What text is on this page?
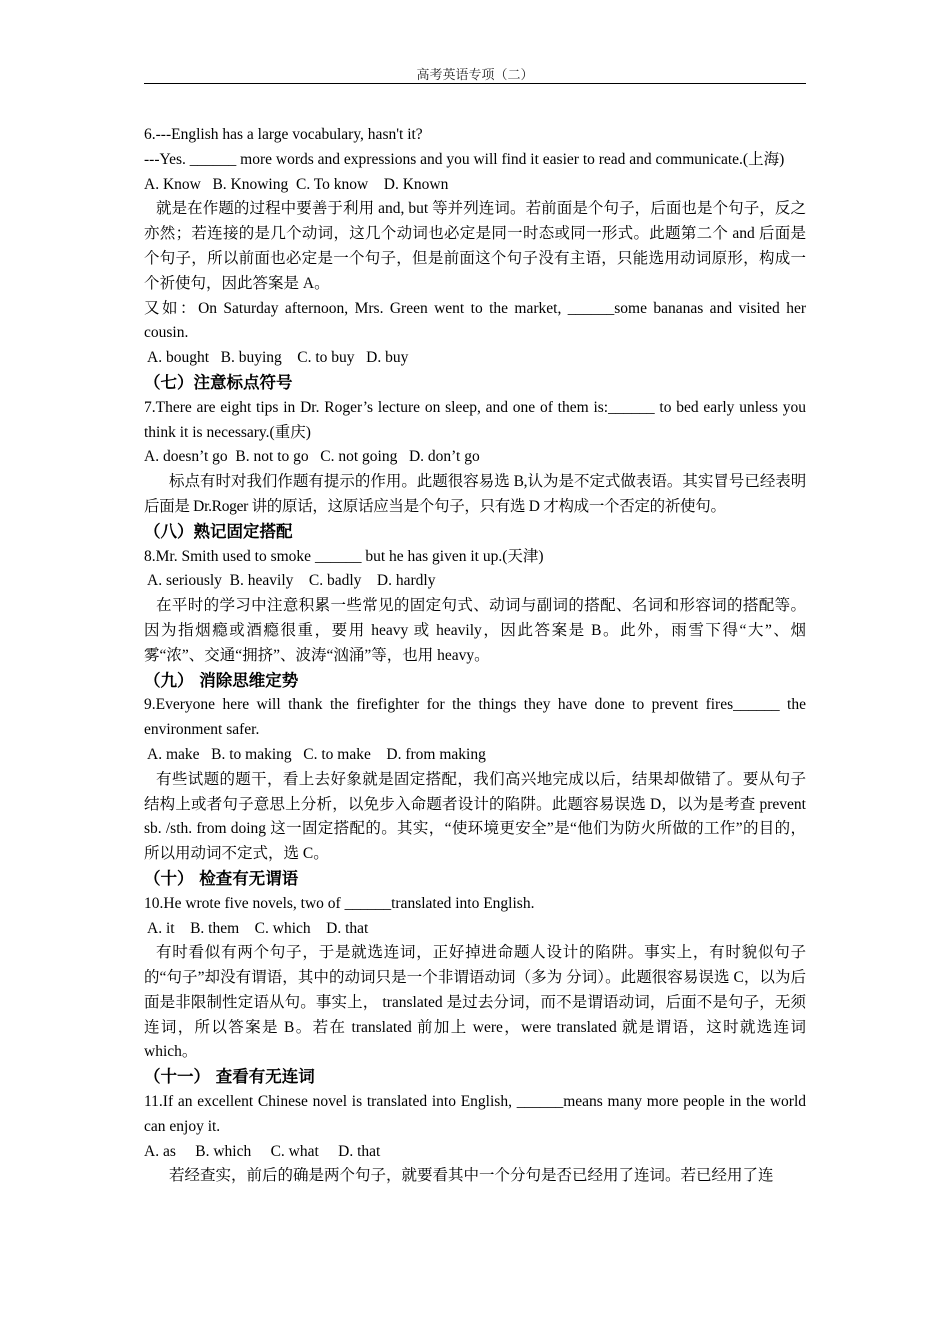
高考英语专项（二）

6.---English has a large vocabulary, hasn't it?

---Yes. ______ more words and expressions and you will find it easier to read and communicate.(上海)

A. Know   B. Knowing  C. To know    D. Known

就是在作题的过程中要善于利用 and, but 等并列连词。若前面是个句子，后面也是个句子，反之亦然；若连接的是几个动词，这几个动词也必定是同一时态或同一形式。此题第二个 and 后面是个句子，所以前面也必定是一个句子，但是前面这个句子没有主语，只能选用动词原形，构成一个祈使句，因此答案是 A。

又如：On Saturday afternoon, Mrs. Green went to the market, ______some bananas and visited her cousin.

A. bought   B. buying    C. to buy   D. buy

（七）注意标点符号

7.There are eight tips in Dr. Roger’s lecture on sleep, and one of them is:______ to bed early unless you think it is necessary.(重庆)

A. doesn’t go  B. not to go   C. not going   D. don’t go

标点有时对我们作题有提示的作用。此题很容易选 B,认为是不定式做表语。其实冒号已经表明后面是 Dr.Roger 讲的原话，这原话应当是个句子，只有选 D 才构成一个否定的祈使句。

（八）熟记固定搭配

8.Mr. Smith used to smoke ______ but he has given it up.(天津)

A. seriously  B. heavily    C. badly    D. hardly

在平时的学习中注意积累一些常见的固定句式、动词与副词的搭配、名词和形容词的搭配等。因为指烟瘾或酒瘾很重，要用 heavy 或 heavily，因此答案是 B。此外，雨雪下得“大”、烟雾“浓”、交通“拥挤”、波涛“汹涌”等，也用 heavy。

（九） 消除思维定势

9.Everyone here will thank the firefighter for the things they have done to prevent fires______ the environment safer.

A. make   B. to making   C. to make    D. from making

有些试题的题干，看上去好象就是固定搭配，我们高兴地完成以后，结果却做错了。要从句子结构上或者句子意思上分析，以免步入命题者设计的陷阱。此题容易误选 D，以为是考查 prevent sb. /sth. from doing 这一固定搭配的。其实，“使环境更安全”是“他们为防火所做的工作”的目的，所以用动词不定式，选 C。

（十） 检查有无谓语

10.He wrote five novels, two of ______translated into English.

A. it    B. them    C. which    D. that

有时看似有两个句子，于是就选连词，正好掉进命题人设计的陷阱。事实上，有时貌似句子的“句子”却没有谓语，其中的动词只是一个非谓语动词（多为 分词）。此题很容易误选 C，以为后面是非限制性定语从句。事实上， translated 是过去分词，而不是谓语动词，后面不是句子，无须连词，所以答案是 B。若在 translated 前加上 were，were translated 就是谓语，这时就选连词 which。

（十一） 查看有无连词

11.If an excellent Chinese novel is translated into English, ______means many more people in the world can enjoy it.

A. as     B. which     C. what     D. that

若经查实，前后的确是两个句子，就要看其中一个分句是否已经用了连词。若已经用了连
